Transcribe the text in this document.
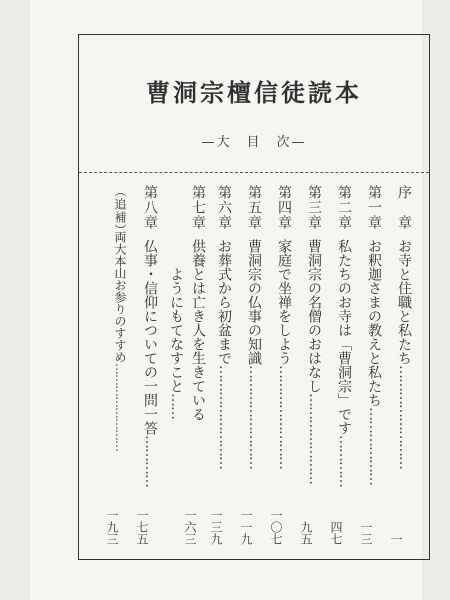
曹洞宗檀信徒読本
—大　目　次—
序　章
お寺と住職と私たち……………………
一
第一章
お釈迦さまの教えと私たち………………
一三
第二章
私たちのお寺は「曹洞宗」です…………
四七
第三章
曹洞宗の名僧のおはなし…………………
九五
第四章
家庭で坐禅をしよう……………………
一〇七
第五章
曹洞宗の仏事の知識……………………
一一九
第六章
お葬式から初盆まで……………………
一三九
第七章
供養とは亡き人を生きている
ようにもてなすこと……
一六三
第八章
仏事・信仰についての一問一答…………
一七五
（追補）
両大本山お参りのすすめ……………………
一九三
